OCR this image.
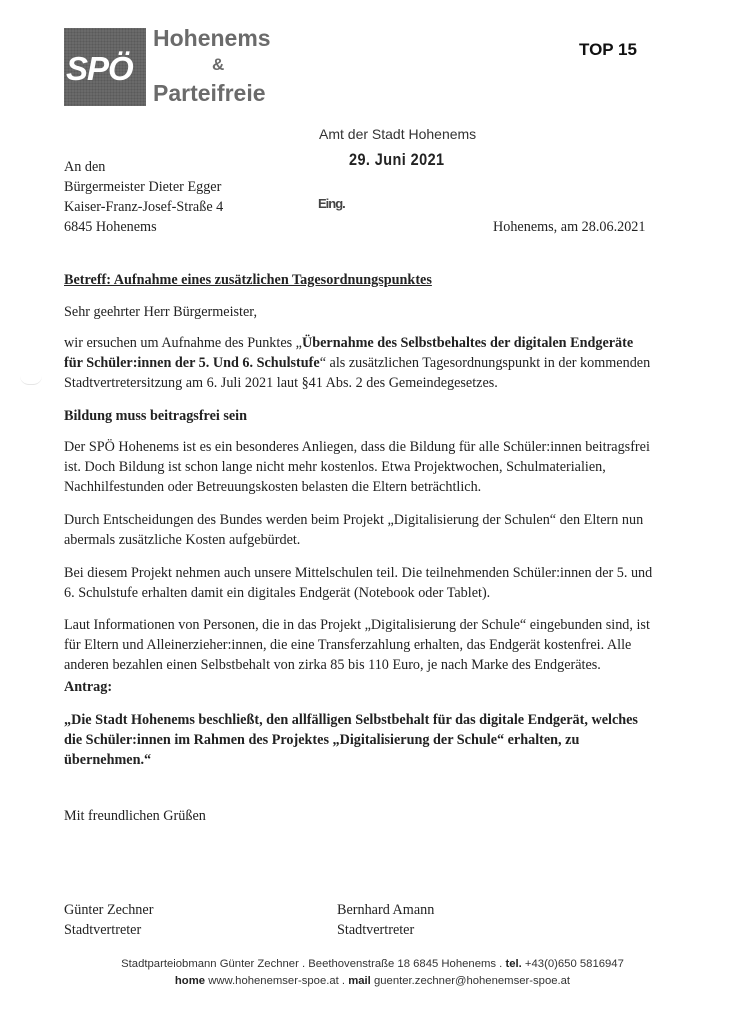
SPÖ
Hohenems
&
Parteifreie
TOP 15
Amt der Stadt Hohenems
29. Juni 2021
Eing.
An den
Bürgermeister Dieter Egger
Kaiser-Franz-Josef-Straße 4
6845 Hohenems	Hohenems, am 28.06.2021
Betreff: Aufnahme eines zusätzlichen Tagesordnungspunktes
Sehr geehrter Herr Bürgermeister,
wir ersuchen um Aufnahme des Punktes „Übernahme des Selbstbehaltes der digitalen Endgeräte
für Schüler:innen der 5. Und 6. Schulstufe“ als zusätzlichen Tagesordnungspunkt in der kommenden
Stadtvertretersitzung am 6. Juli 2021 laut §41 Abs. 2 des Gemeindegesetzes.
Bildung muss beitragsfrei sein
Der SPÖ Hohenems ist es ein besonderes Anliegen, dass die Bildung für alle Schüler:innen beitragsfrei
ist. Doch Bildung ist schon lange nicht mehr kostenlos. Etwa Projektwochen, Schulmaterialien,
Nachhilfestunden oder Betreuungskosten belasten die Eltern beträchtlich.
Durch Entscheidungen des Bundes werden beim Projekt „Digitalisierung der Schulen“ den Eltern nun
abermals zusätzliche Kosten aufgebürdet.
Bei diesem Projekt nehmen auch unsere Mittelschulen teil. Die teilnehmenden Schüler:innen der 5. und
6. Schulstufe erhalten damit ein digitales Endgerät (Notebook oder Tablet).
Laut Informationen von Personen, die in das Projekt „Digitalisierung der Schule“ eingebunden sind, ist
für Eltern und Alleinerzieher:innen, die eine Transferzahlung erhalten, das Endgerät kostenfrei. Alle
anderen bezahlen einen Selbstbehalt von zirka 85 bis 110 Euro, je nach Marke des Endgerätes.
Antrag:
„Die Stadt Hohenems beschließt, den allfälligen Selbstbehalt für das digitale Endgerät, welches
die Schüler:innen im Rahmen des Projektes „Digitalisierung der Schule“ erhalten, zu
übernehmen.“
Mit freundlichen Grüßen
Günter Zechner
Stadtvertreter
Bernhard Amann
Stadtvertreter
Stadtparteiobmann Günter Zechner . Beethovenstraße 18 6845 Hohenems . tel. +43(0)650 5816947
home www.hohenemser-spoe.at . mail guenter.zechner@hohenemser-spoe.at
